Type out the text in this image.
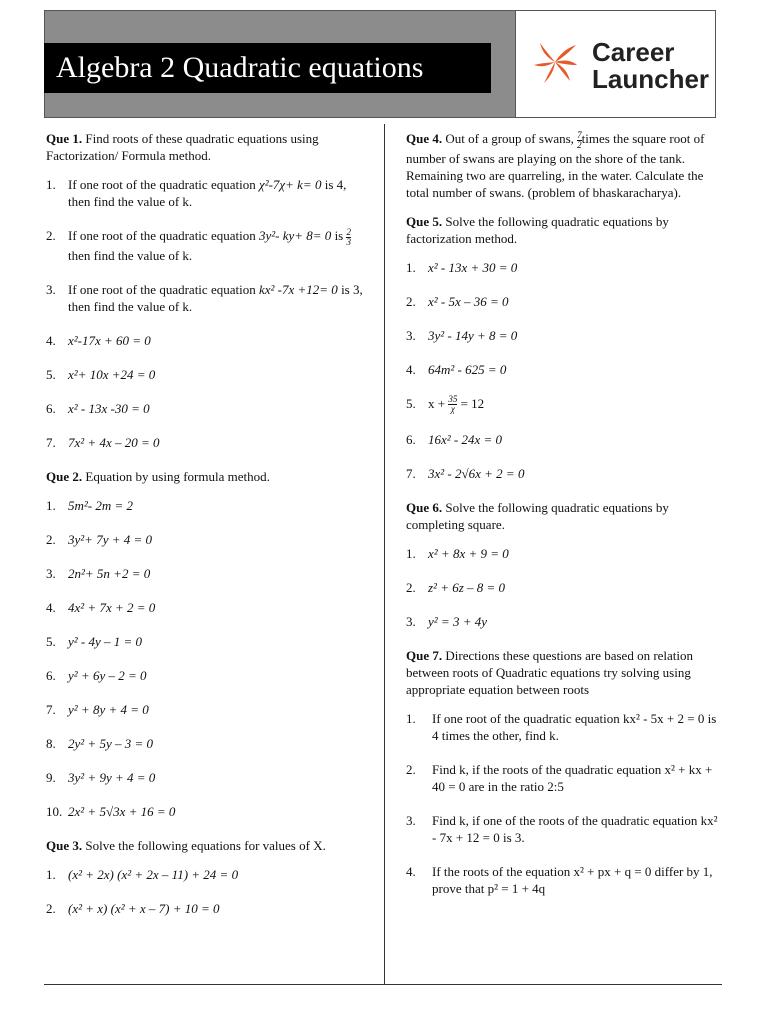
Algebra 2 Quadratic equations	Career
Launcher

Que 1. Find roots of these quadratic equations using Factorization/ Formula method.

1. If one root of the quadratic equation χ²-7χ+ k= 0 is 4, then find the value of k.
2. If one root of the quadratic equation 3y²- ky+ 8= 0 is $\frac{2}{3}$
then find the value of k.
3. If one root of the quadratic equation kx² -7x +12= 0 is 3, then find the value of k.
4. x²-17x + 60 = 0
5. x²+ 10x +24 = 0
6. x² - 13x -30 = 0
7. 7x² + 4x – 20 = 0

Que 2. Equation by using formula method.

1. 5m²- 2m = 2
2. 3y²+ 7y + 4 = 0
3. 2n²+ 5n +2 = 0
4. 4x² + 7x + 2 = 0
5. y² - 4y – 1 = 0
6. y² + 6y – 2 = 0
7. y² + 8y + 4 = 0
8. 2y² + 5y – 3 = 0
9. 3y² + 9y + 4 = 0
10. 2x² + 5√3x + 16 = 0

Que 3. Solve the following equations for values of X.

1. (x² + 2x) (x² + 2x – 11) + 24 = 0
2. (x² + x) (x² + x – 7) + 10 = 0

Que 4. Out of a group of swans, $\frac{7}{2}$ times the square root of number of swans are playing on the shore of the tank. Remaining two are quarreling, in the water. Calculate the total number of swans. (problem of bhaskaracharya).

Que 5. Solve the following quadratic equations by factorization method.

1. x² - 13x + 30 = 0
2. x² - 5x – 36 = 0
3. 3y² - 14y + 8 = 0
4. 64m² - 625 = 0
5. $x + \frac{35}{\chi} = 12$
6. 16x² - 24x = 0
7. 3x² - 2√6x + 2 = 0

Que 6. Solve the following quadratic equations by completing square.

1. x² + 8x + 9 = 0
2. z² + 6z – 8 = 0
3. y² = 3 + 4y

Que 7. Directions these questions are based on relation between roots of Quadratic equations try solving using appropriate equation between roots

1. If one root of the quadratic equation kx² - 5x + 2 = 0 is 4 times the other, find k.
2. Find k, if the roots of the quadratic equation x² + kx + 40 = 0 are in the ratio 2:5
3. Find k, if one of the roots of the quadratic equation kx² - 7x + 12 = 0 is 3.
4. If the roots of the equation x² + px + q = 0 differ by 1, prove that p² = 1 + 4q
